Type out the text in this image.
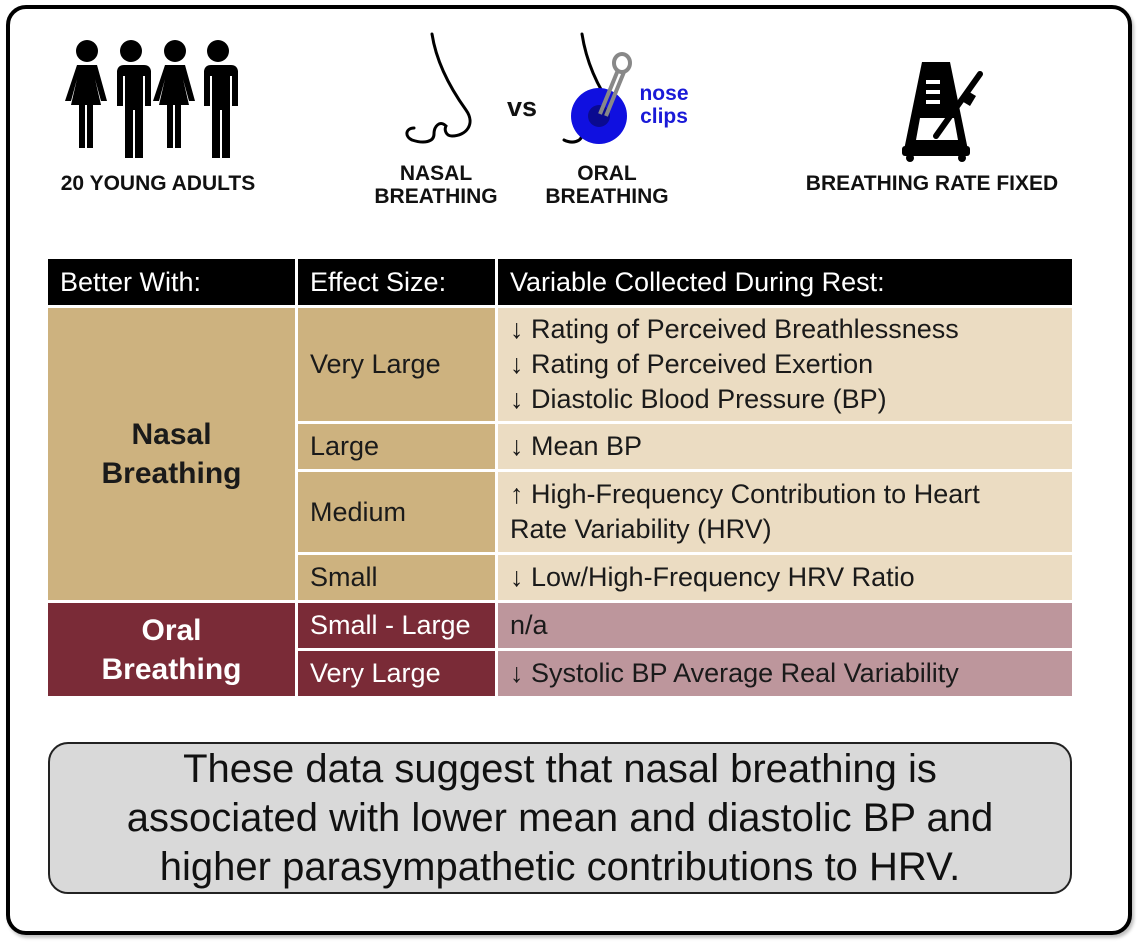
20 YOUNG ADULTS	NASAL
BREATHING
vs	nose
clips
ORAL
BREATHING
BREATHING RATE FIXED
Better With:	Effect Size:	Variable Collected During Rest:

Nasal
Breathing	Very Large	↓ Rating of Perceived Breathlessness
↓ Rating of Perceived Exertion
↓ Diastolic Blood Pressure (BP)

	Large	↓ Mean BP

	Medium	↑ High-Frequency Contribution to Heart
Rate Variability (HRV)

	Small	↓ Low/High-Frequency HRV Ratio

Oral
Breathing	Small - Large	n/a

	Very Large	↓ Systolic BP Average Real Variability
These data suggest that nasal breathing is
associated with lower mean and diastolic BP and
higher parasympathetic contributions to HRV.
